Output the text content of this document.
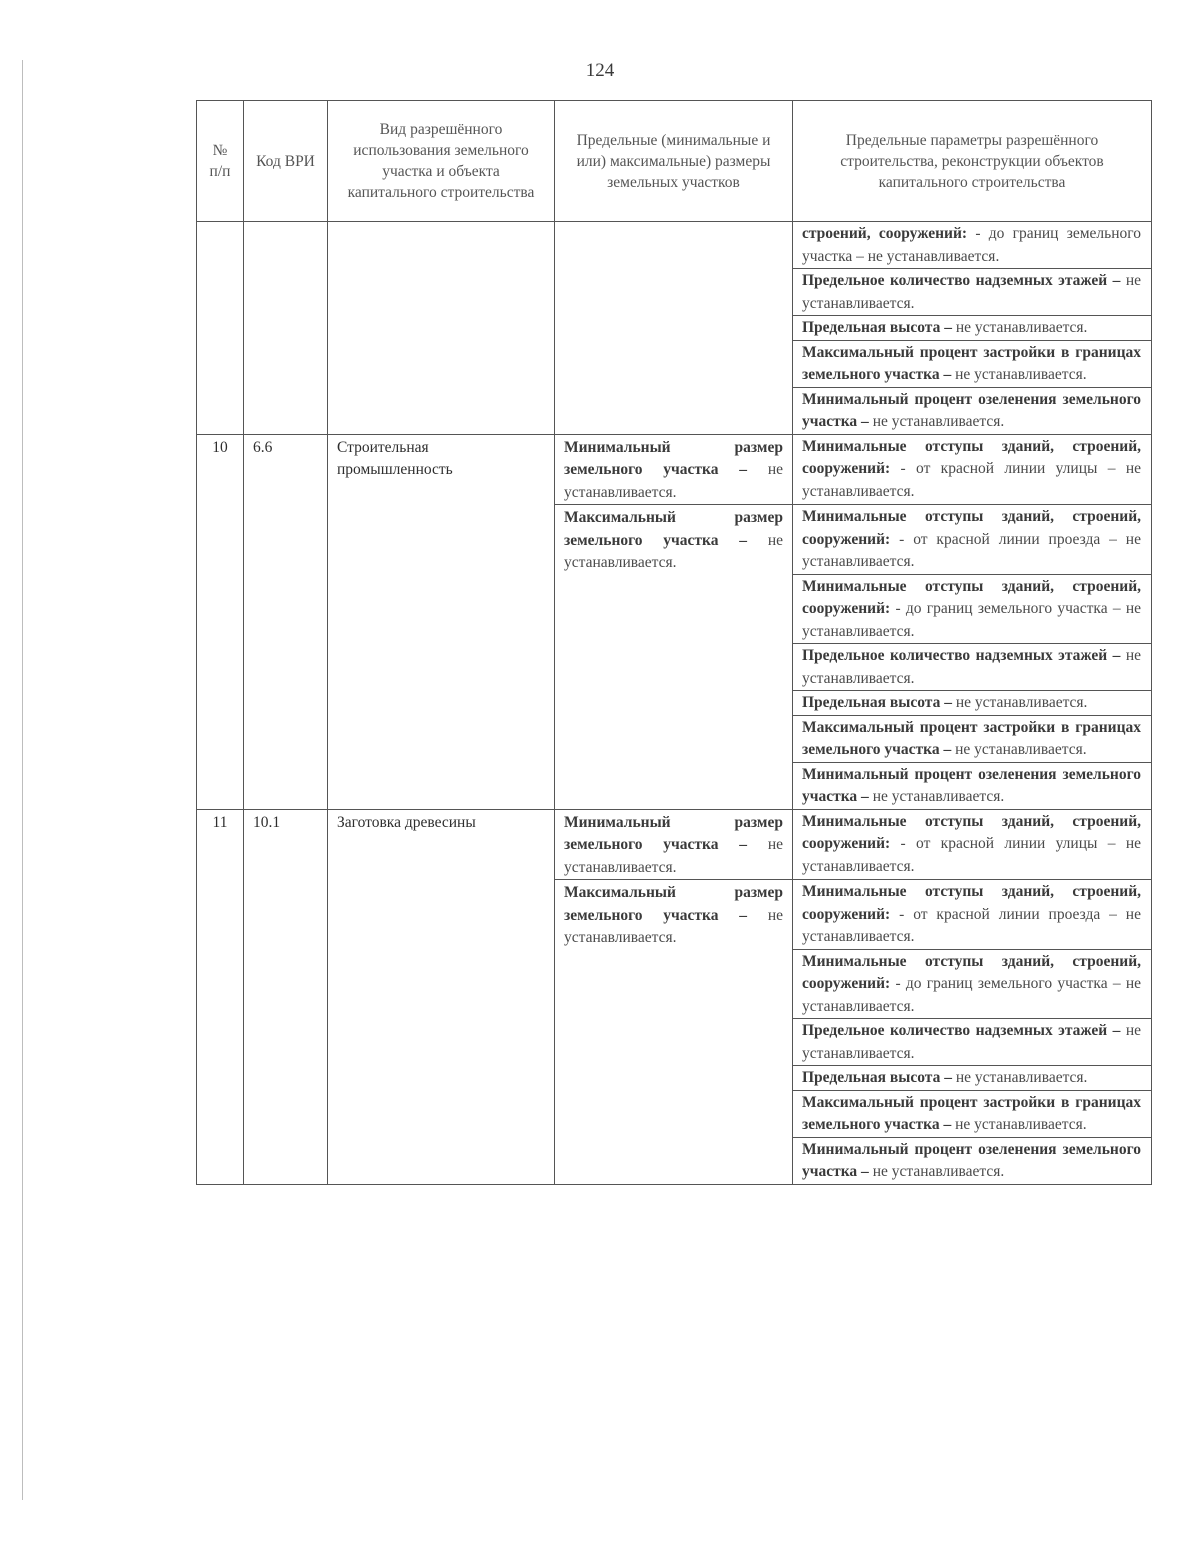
124
№ п/п	Код ВРИ	Вид разрешённого использования земельного участка и объекта капитального строительства	Предельные (минимальные и или) максимальные) размеры земельных участков	Предельные параметры разрешённого строительства, реконструкции объектов капитального строительства
				строений, сооружений: - до границ земельного участка – не устанавливается.
				Предельное количество надземных этажей – не устанавливается.
				Предельная высота – не устанавливается.
				Максимальный процент застройки в границах земельного участка – не устанавливается.
				Минимальный процент озеленения земельного участка – не устанавливается.
10	6.6	Строительная промышленность	Минимальный размер земельного участка – не устанавливается.	Минимальные отступы зданий, строений, сооружений: - от красной линии улицы – не устанавливается.
			Максимальный размер земельного участка – не устанавливается.	Минимальные отступы зданий, строений, сооружений: - от красной линии проезда – не устанавливается.
				Минимальные отступы зданий, строений, сооружений: - до границ земельного участка – не устанавливается.
				Предельное количество надземных этажей – не устанавливается.
				Предельная высота – не устанавливается.
				Максимальный процент застройки в границах земельного участка – не устанавливается.
				Минимальный процент озеленения земельного участка – не устанавливается.
11	10.1	Заготовка древесины	Минимальный размер земельного участка – не устанавливается.	Минимальные отступы зданий, строений, сооружений: - от красной линии улицы – не устанавливается.
			Максимальный размер земельного участка – не устанавливается.	Минимальные отступы зданий, строений, сооружений: - от красной линии проезда – не устанавливается.
				Минимальные отступы зданий, строений, сооружений: - до границ земельного участка – не устанавливается.
				Предельное количество надземных этажей – не устанавливается.
				Предельная высота – не устанавливается.
				Максимальный процент застройки в границах земельного участка – не устанавливается.
				Минимальный процент озеленения земельного участка – не устанавливается.
